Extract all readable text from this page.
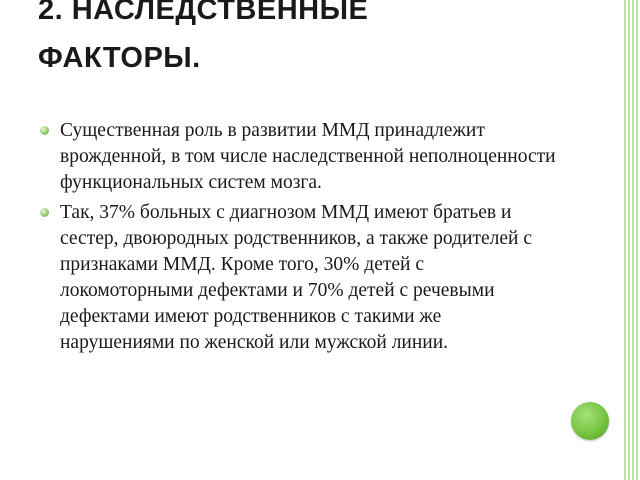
2. НАСЛЕДСТВЕННЫЕ
ФАКТОРЫ.
Существенная роль в развитии ММД принадлежит врожденной, в том числе наследственной неполноценности функциональных систем мозга.
Так, 37% больных с диагнозом ММД имеют братьев и сестер, двоюродных родственников, а также родителей с признаками ММД. Кроме того, 30% детей с локомоторными дефектами и 70% детей с речевыми дефектами имеют родственников с такими же нарушениями по женской или мужской линии.
